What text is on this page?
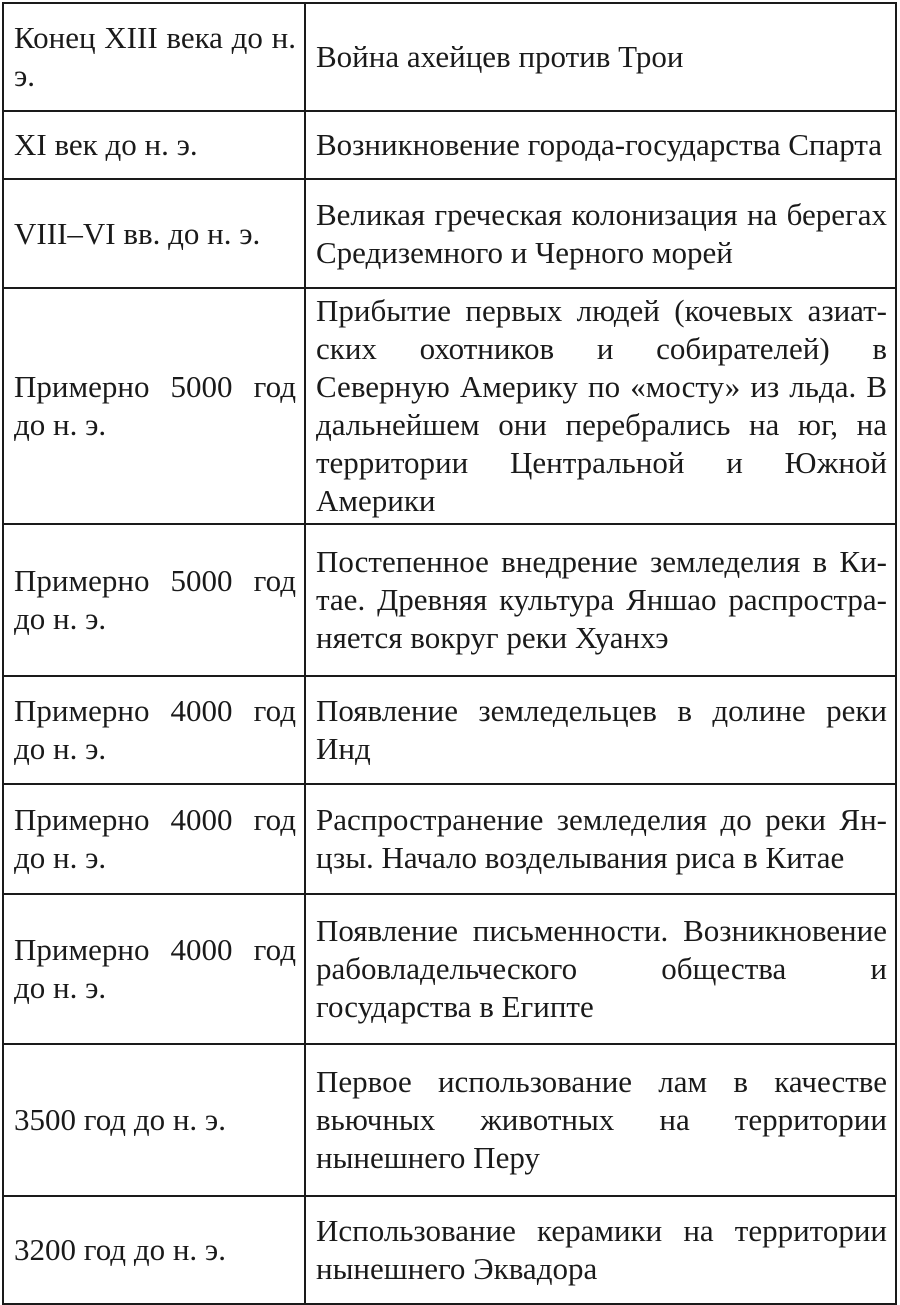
Конец XIII века до н. э.
Война ахейцев против Трои
XI век до н. э.	Возникновение города-государства Спарта
VIII–VI вв. до н. э.
Великая греческая колонизация на берегах Средиземного и Черного морей
Примерно 5000 год до н. э.
Прибытие первых людей (кочевых азиатских охотников и собирателей) в Северную Америку по «мосту» из льда. В дальнейшем они перебрались на юг, на территории Центральной и Южной Америки
Примерно 5000 год до н. э.
Постепенное внедрение земледелия в Китае. Древняя культура Яншао распространяется вокруг реки Хуанхэ
Примерно 4000 год до н. э.
Появление земледельцев в долине реки Инд
Примерно 4000 год до н. э.
Распространение земледелия до реки Янцзы. Начало возделывания риса в Китае
Примерно 4000 год до н. э.
Появление письменности. Возникновение рабовладельческого общества и государства в Египте
3500 год до н. э.
Первое использование лам в качестве вьючных животных на территории нынешнего Перу
3200 год до н. э.
Использование керамики на территории нынешнего Эквадора
